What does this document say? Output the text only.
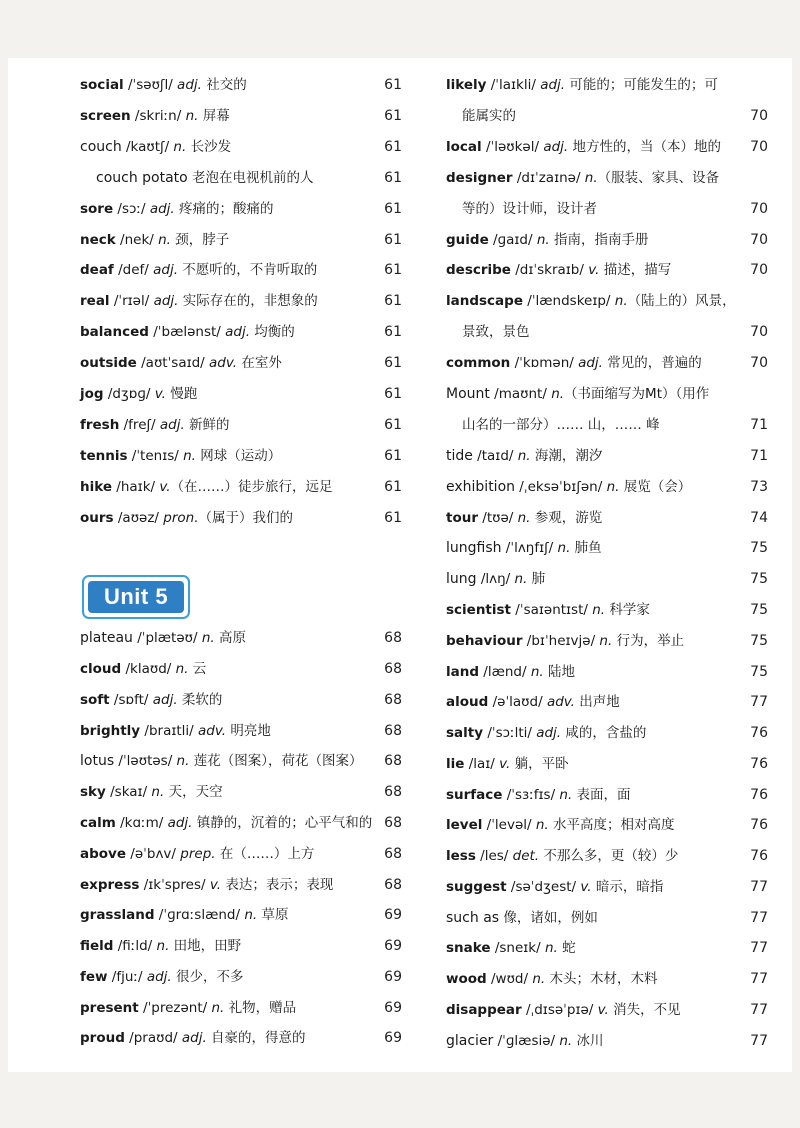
social /ˈsəʊʃl/ adj. 社交的	61
screen /skriːn/ n. 屏幕	61
couch /kaʊtʃ/ n. 长沙发	61
couch potato 老泡在电视机前的人	61
sore /sɔː/ adj. 疼痛的；酸痛的	61
neck /nek/ n. 颈，脖子	61
deaf /def/ adj. 不愿听的，不肯听取的	61
real /ˈrɪəl/ adj. 实际存在的，非想象的	61
balanced /ˈbælənst/ adj. 均衡的	61
outside /aʊtˈsaɪd/ adv. 在室外	61
jog /dʒɒɡ/ v. 慢跑	61
fresh /freʃ/ adj. 新鲜的	61
tennis /ˈtenɪs/ n. 网球（运动）	61
hike /haɪk/ v.（在……）徒步旅行，远足	61
ours /aʊəz/ pron.（属于）我们的	61
plateau /ˈplætəʊ/ n. 高原	68
cloud /klaʊd/ n. 云	68
soft /sɒft/ adj. 柔软的	68
brightly /braɪtli/ adv. 明亮地	68
lotus /ˈləʊtəs/ n. 莲花（图案），荷花（图案） 68
sky /skaɪ/ n. 天，天空	68
calm /kɑːm/ adj. 镇静的，沉着的；心平气和的 68
above /əˈbʌv/ prep. 在（……）上方	68
express /ɪkˈspres/ v. 表达；表示；表现	68
grassland /ˈɡrɑːslænd/ n. 草原	69
field /fiːld/ n. 田地，田野	69
few /fjuː/ adj. 很少，不多	69
present /ˈprezənt/ n. 礼物，赠品	69
proud /praʊd/ adj. 自豪的，得意的	69
Unit 5
likely /ˈlaɪkli/ adj. 可能的；可能发生的；可
能属实的	70
local /ˈləʊkəl/ adj. 地方性的，当（本）地的 70
designer /dɪˈzaɪnə/ n.（服装、家具、设备
等的）设计师，设计者	70
guide /ɡaɪd/ n. 指南，指南手册	70
describe /dɪˈskraɪb/ v. 描述，描写	70
landscape /ˈlændskeɪp/ n.（陆上的）风景，
景致，景色	70
common /ˈkɒmən/ adj. 常见的，普遍的	70
Mount /maʊnt/ n.（书面缩写为Mt）（用作
山名的一部分）…… 山，…… 峰	71
tide /taɪd/ n. 海潮，潮汐	71
exhibition /ˌeksəˈbɪʃən/ n. 展览（会）	73
tour /tʊə/ n. 参观，游览	74
lungfish /ˈlʌŋfɪʃ/ n. 肺鱼	75
lung /lʌŋ/ n. 肺	75
scientist /ˈsaɪəntɪst/ n. 科学家	75
behaviour /bɪˈheɪvjə/ n. 行为，举止	75
land /lænd/ n. 陆地	75
aloud /əˈlaʊd/ adv. 出声地	77
salty /ˈsɔːlti/ adj. 咸的，含盐的	76
lie /laɪ/ v. 躺，平卧	76
surface /ˈsɜːfɪs/ n. 表面，面	76
level /ˈlevəl/ n. 水平高度；相对高度	76
less /les/ det. 不那么多，更（较）少	76
suggest /səˈdʒest/ v. 暗示，暗指	77
such as 像，诸如，例如	77
snake /sneɪk/ n. 蛇	77
wood /wʊd/ n. 木头；木材，木料	77
disappear /ˌdɪsəˈpɪə/ v. 消失，不见	77
glacier /ˈɡlæsiə/ n. 冰川	77
